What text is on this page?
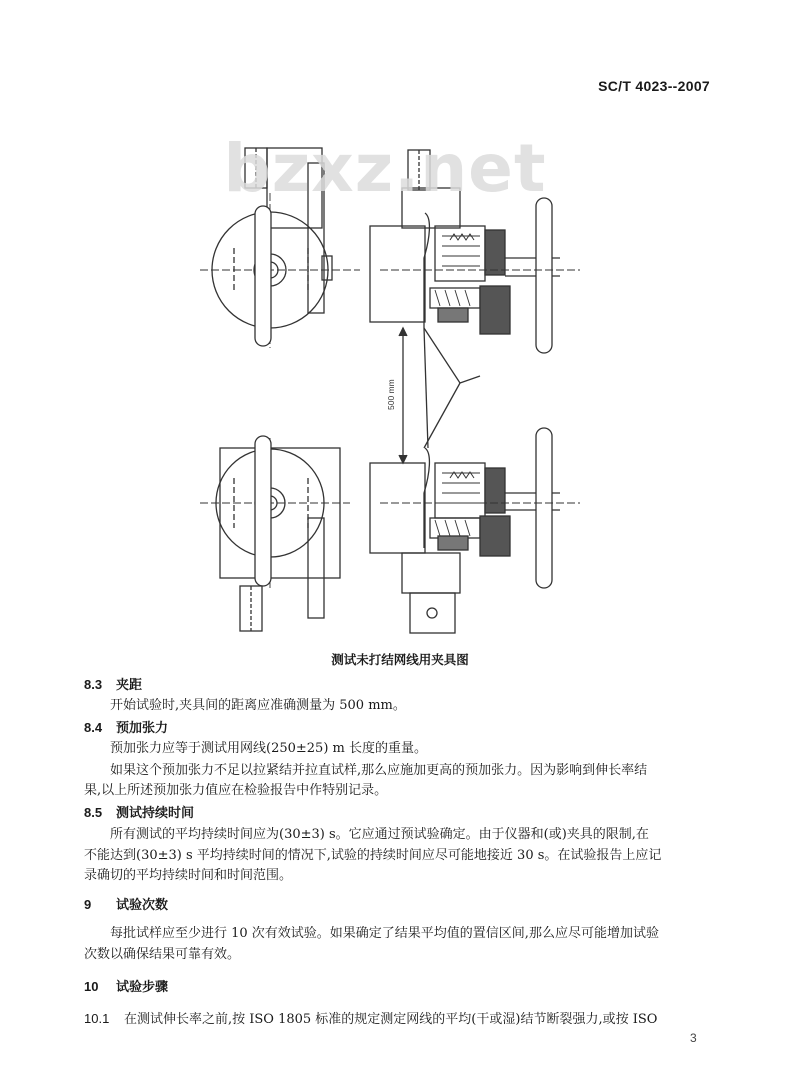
SC/T 4023--2007
500 mm
bzxz.net
测试未打结网线用夹具图
8.3 夹距
开始试验时,夹具间的距离应准确测量为 500 mm。
8.4 预加张力
预加张力应等于测试用网线(250±25) m 长度的重量。
如果这个预加张力不足以拉紧结并拉直试样,那么应施加更高的预加张力。因为影响到伸长率结
果,以上所述预加张力值应在检验报告中作特别记录。
8.5 测试持续时间
所有测试的平均持续时间应为(30±3) s。它应通过预试验确定。由于仪器和(或)夹具的限制,在
不能达到(30±3) s 平均持续时间的情况下,试验的持续时间应尽可能地接近 30 s。在试验报告上应记
录确切的平均持续时间和时间范围。
9 试验次数
每批试样应至少进行 10 次有效试验。如果确定了结果平均值的置信区间,那么应尽可能增加试验
次数以确保结果可靠有效。
10 试验步骤
10.1 在测试伸长率之前,按 ISO 1805 标准的规定测定网线的平均(干或湿)结节断裂强力,或按 ISO
3
